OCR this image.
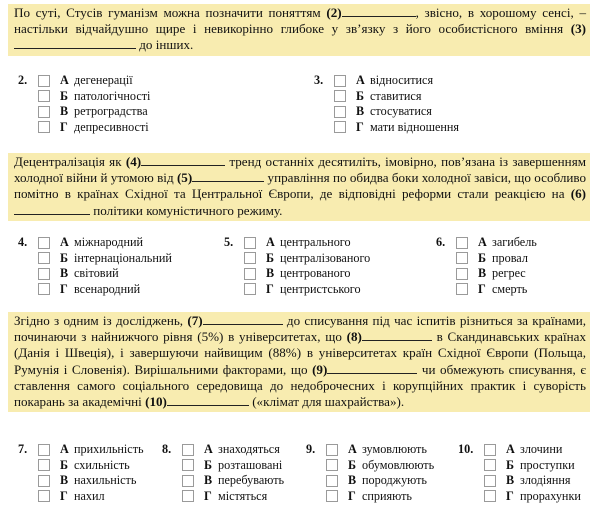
По суті, Стусів гуманізм можна позначити поняттям (2)	, звісно, в хорошому сенсі, – настільки відчайдушно щире і невикорінно глибоке у зв’язку з його особистісного вміння (3) до інших.
2.	А дегенерації
Б патологічності
В ретроградства
Г депресивності
3.	А відноситися
Б ставитися
В стосуватися
Г мати відношення
Децентралізація як (4)	тренд останніх десятиліть, імовірно, пов’язана із завершенням холодної війни й утомою від (5)	управління по обидва боки холодної завіси, що особливо помітно в країнах Східної та Центральної Європи, де відповідні реформи стали реакцією на (6) політики комуністичного режиму.
4.	А міжнародний
Б інтернаціональний
В світовий
Г всенародний
5.	А центрального
Б централізованого
В центрованого
Г центристського
6.	А загибель
Б провал
В регрес
Г смерть
Згідно з одним із досліджень, (7)	до списування під час іспитів різниться за країнами, починаючи з найнижчого рівня (5%) в університетах, що (8)	в Скандинавських країнах (Данія і Швеція), і завершуючи найвищим (88%) в університетах країн Східної Європи (Польща, Румунія і Словенія). Вирішальними факторами, що (9)	чи обмежують списування, є ставлення самого соціального середовища до недоброчесних і корупційних практик і суворість покарань за академічні (10)	(«клімат для шахрайства»).
7.	А прихильність
Б схильність
В нахильність
Г нахил
8.	А знаходяться
Б розташовані
В перебувають
Г містяться
9.	А зумовлюють
Б обумовлюють
В породжують
Г сприяють
10.	А злочини
Б проступки
В злодіяння
Г прорахунки
